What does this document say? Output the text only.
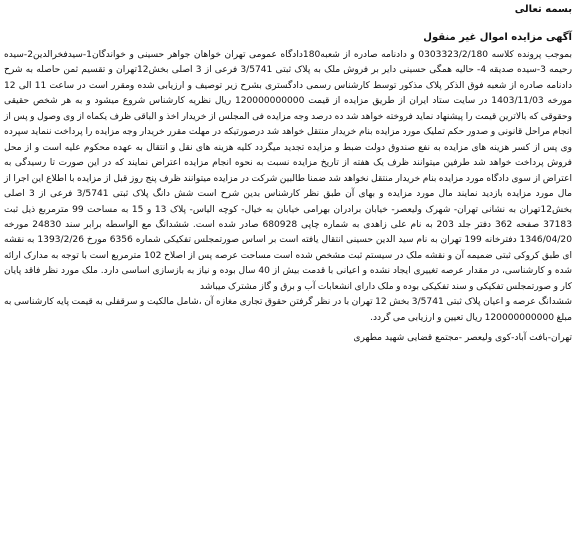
بسمه تعالی

آگهی مزایده اموال غیر منقول

بموجب پرونده کلاسه 0303323/2/180 و دادنامه صادره از شعبه180دادگاه عمومی تهران خواهان جواهر حسینی و خواندگان1-سیدفخرالدین2-سیده رحیمه 3-سیده صدیقه 4- حالیه همگی حسینی دایر بر فروش ملک به پلاک ثبتی 3/5741 فرعی از 3 اصلی بخش12تهران و تقسیم ثمن حاصله به شرح دادنامه صادره از شعبه فوق الذکر پلاک مذکور توسط کارشناس رسمی دادگستری بشرح زیر توصیف و ارزیابی شده ومقرر است در ساعت 11 الی 12 مورخه 1403/11/03 در سایت ستاد ایران از طریق مزایده از قیمت 120000000000 ریال نظریه کارشناس شروع میشود و به هر شخص حقیقی وحقوقی که بالاترین قیمت را پیشنهاد نماید فروخته خواهد شد ده درصد وجه مزایده فی المجلس از خریدار اخذ و الباقی ظرف یکماه از وی وصول و پس از انجام مراحل قانونی و صدور حکم تملیک مورد مزایده بنام خریدار منتقل خواهد شد درصورتیکه در مهلت مقرر خریدار وجه مزایده را پرداخت ننماید سپرده وی پس از کسر هزینه های مزایده به نفع صندوق دولت ضبط و مزایده تجدید میگردد کلیه هزینه های نقل و انتقال به عهده محکوم علیه است و از محل فروش پرداخت خواهد شد طرفین میتوانند ظرف یک هفته از تاریخ مزایده نسبت به نحوه انجام مزایده اعتراض نمایند که در این صورت تا رسیدگی به اعتراض از سوی دادگاه مورد مزایده بنام خریدار منتقل نخواهد شد ضمنا طالبین شرکت در مزایده میتوانند ظرف پنج روز قبل از مزایده با اطلاع این اجرا از مال مورد مزایده بازدید نمایند مال مورد مزایده و بهای آن طبق نظر کارشناس بدین شرح است شش دانگ پلاک ثبتی 3/5741 فرعی از 3 اصلی بخش12تهران به نشانی تهران- شهرک ولیعصر- خیابان برادران بهرامی خیابان به خیال- کوچه الیاس- پلاک 13 و 15 به مساحت 99 مترمربع ذیل ثبت 37183 صفحه 362 دفتر جلد 203 به نام علی زاهدی به شماره چاپی 680928 صادر شده است. ششدانگ مع الواسطه برابر سند 24830 مورخه 1346/04/20 دفترخانه 199 تهران به نام سید الدین حسینی انتقال یافته است بر اساس صورتمجلس تفکیکی شماره 6356 مورخ 1393/2/26 به نقشه ای طبق کروکی ثبتی ضمیمه آن و نقشه ملک در سیستم ثبت مشخص شده است مساحت عرصه پس از اصلاح 102 مترمربع است با توجه به مدارک ارائه شده و کارشناسی، در مقدار عرصه تغییری ایجاد نشده و اعیانی با قدمت بیش از 40 سال بوده و نیاز به بازسازی اساسی دارد. ملک مورد نظر فاقد پایان کار و صورتمجلس تفکیکی و سند تفکیکی بوده و ملک دارای انشعابات آب و برق و گاز مشترک میباشد

ششدانگ عرصه و اعیان پلاک ثبتی 3/5741 بخش 12 تهران با در نظر گرفتن حقوق تجاری مغازه آن ،شامل مالکیت و سرقفلی به قیمت پایه کارشناسی به مبلغ 120000000000 ریال تعیین و ارزیابی می گردد.

تهران-بافت آباد-کوی ولیعصر -مجتمع قضایی شهید مطهری
